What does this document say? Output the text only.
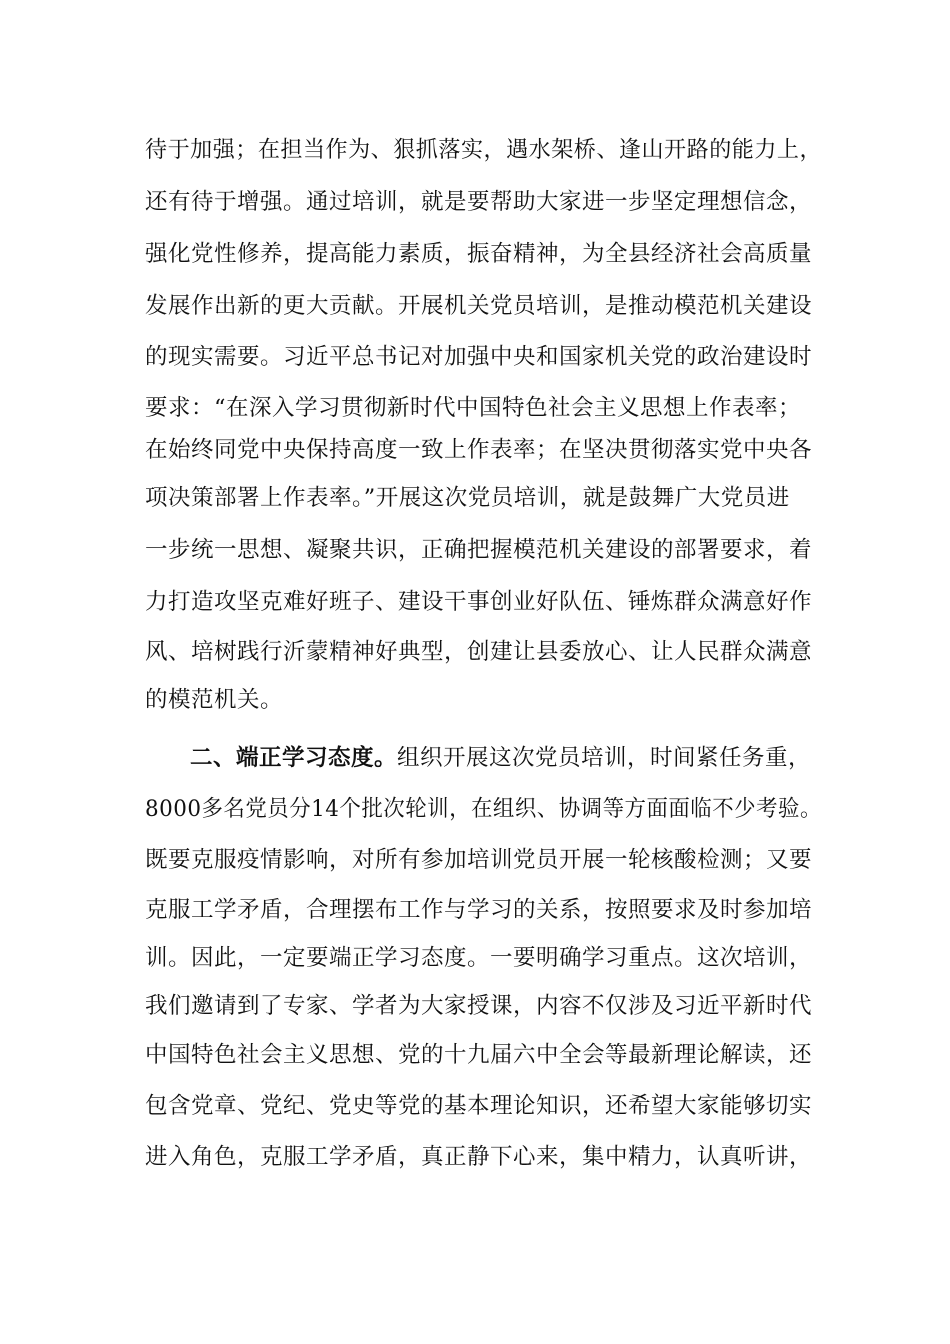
待于加强；在担当作为、狠抓落实，遇水架桥、逢山开路的能力上，
还有待于增强。通过培训，就是要帮助大家进一步坚定理想信念，
强化党性修养，提高能力素质，振奋精神，为全县经济社会高质量
发展作出新的更大贡献。开展机关党员培训，是推动模范机关建设
的现实需要。习近平总书记对加强中央和国家机关党的政治建设时
要求：“在深入学习贯彻新时代中国特色社会主义思想上作表率；
在始终同党中央保持高度一致上作表率；在坚决贯彻落实党中央各
项决策部署上作表率。”开展这次党员培训，就是鼓舞广大党员进
一步统一思想、凝聚共识，正确把握模范机关建设的部署要求，着
力打造攻坚克难好班子、建设干事创业好队伍、锤炼群众满意好作
风、培树践行沂蒙精神好典型，创建让县委放心、让人民群众满意
的模范机关。
二、端正学习态度。组织开展这次党员培训，时间紧任务重，
8000多名党员分14个批次轮训，在组织、协调等方面面临不少考验。
既要克服疫情影响，对所有参加培训党员开展一轮核酸检测；又要
克服工学矛盾，合理摆布工作与学习的关系，按照要求及时参加培
训。因此，一定要端正学习态度。一要明确学习重点。这次培训，
我们邀请到了专家、学者为大家授课，内容不仅涉及习近平新时代
中国特色社会主义思想、党的十九届六中全会等最新理论解读，还
包含党章、党纪、党史等党的基本理论知识，还希望大家能够切实
进入角色，克服工学矛盾，真正静下心来，集中精力，认真听讲，
